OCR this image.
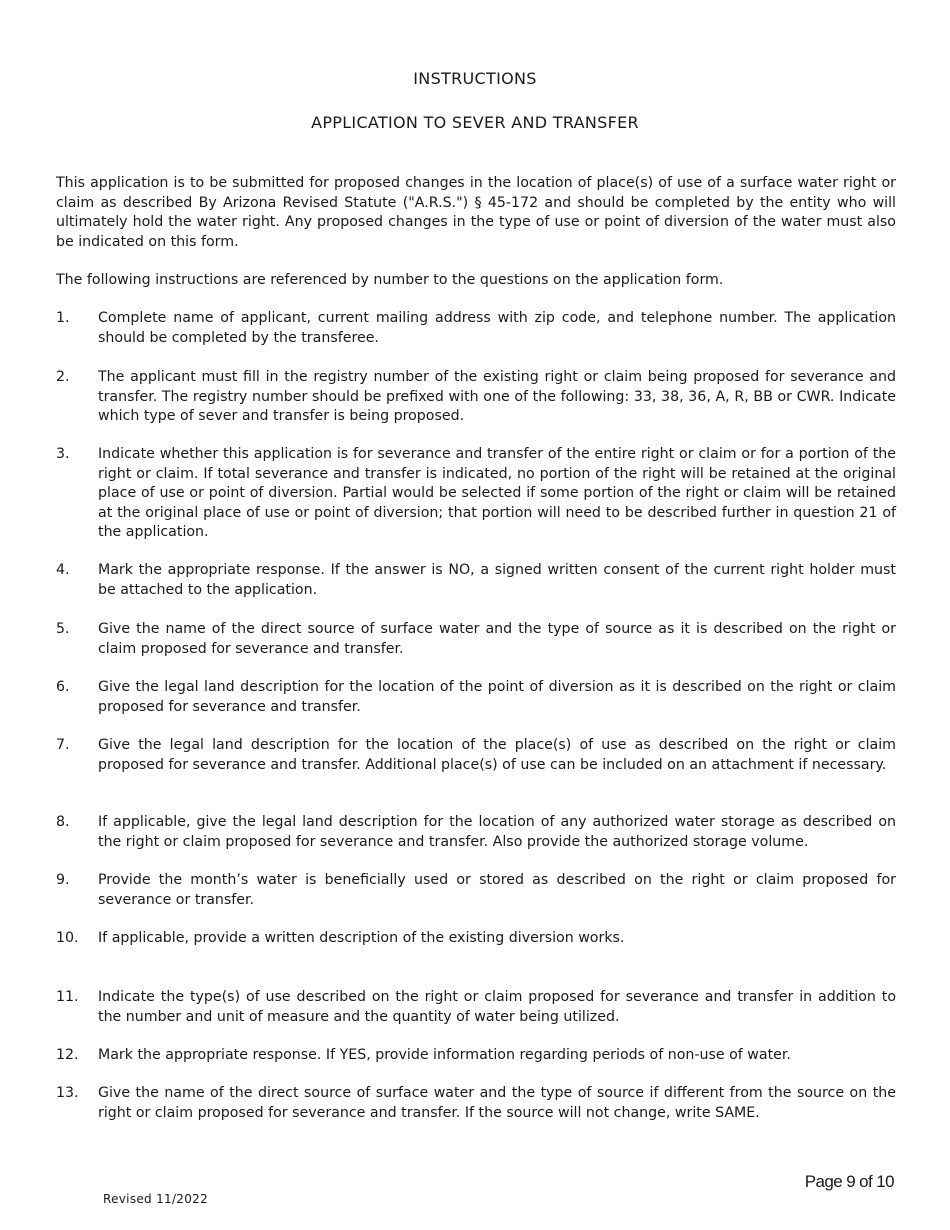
INSTRUCTIONS
APPLICATION TO SEVER AND TRANSFER

This application is to be submitted for proposed changes in the location of place(s) of use of a surface water right or claim as described By Arizona Revised Statute ("A.R.S.") § 45-172 and should be completed by the entity who will ultimately hold the water right. Any proposed changes in the type of use or point of diversion of the water must also be indicated on this form.

The following instructions are referenced by number to the questions on the application form.

1.	Complete name of applicant, current mailing address with zip code, and telephone number. The application should be completed by the transferee.
2.	The applicant must fill in the registry number of the existing right or claim being proposed for severance and transfer. The registry number should be prefixed with one of the following: 33, 38, 36, A, R, BB or CWR. Indicate which type of sever and transfer is being proposed.
3.	Indicate whether this application is for severance and transfer of the entire right or claim or for a portion of the right or claim. If total severance and transfer is indicated, no portion of the right will be retained at the original place of use or point of diversion. Partial would be selected if some portion of the right or claim will be retained at the original place of use or point of diversion; that portion will need to be described further in question 21 of the application.
4.	Mark the appropriate response. If the answer is NO, a signed written consent of the current right holder must be attached to the application.
5.	Give the name of the direct source of surface water and the type of source as it is described on the right or claim proposed for severance and transfer.
6.	Give the legal land description for the location of the point of diversion as it is described on the right or claim proposed for severance and transfer.
7.	Give the legal land description for the location of the place(s) of use as described on the right or claim proposed for severance and transfer. Additional place(s) of use can be included on an attachment if necessary.
8.	If applicable, give the legal land description for the location of any authorized water storage as described on the right or claim proposed for severance and transfer. Also provide the authorized storage volume.
9.	Provide the month’s water is beneficially used or stored as described on the right or claim proposed for severance or transfer.
10.	If applicable, provide a written description of the existing diversion works.
11.	Indicate the type(s) of use described on the right or claim proposed for severance and transfer in addition to the number and unit of measure and the quantity of water being utilized.
12.	Mark the appropriate response. If YES, provide information regarding periods of non-use of water.
13.	Give the name of the direct source of surface water and the type of source if different from the source on the right or claim proposed for severance and transfer. If the source will not change, write SAME.
Page 9 of 10
Revised 11/2022
